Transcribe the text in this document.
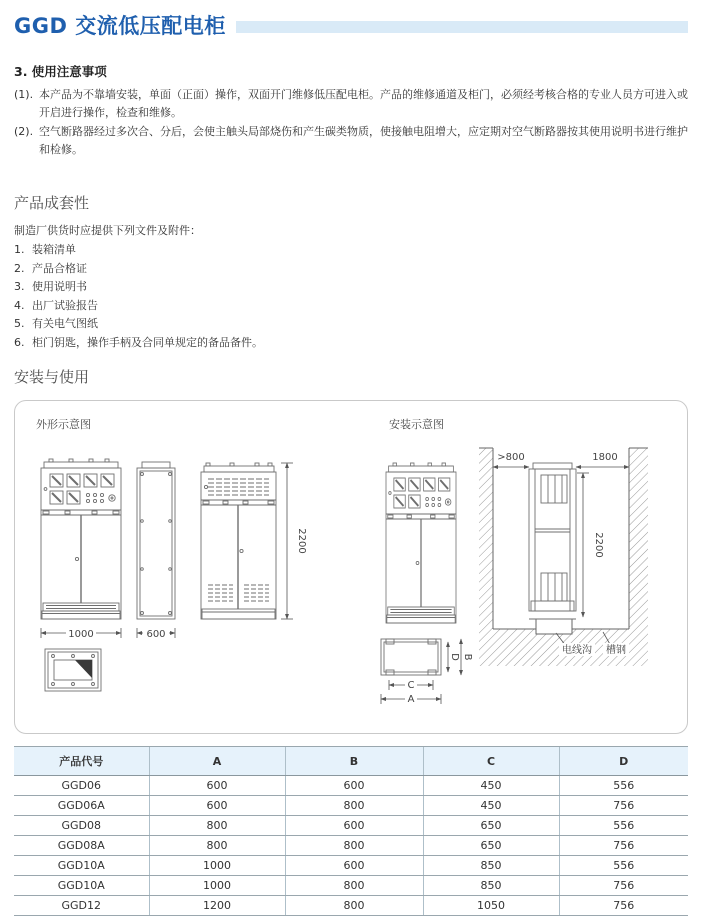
GGD 交流低压配电柜
3. 使用注意事项
(1). 本产品为不靠墙安装，单面（正面）操作，双面开门维修低压配电柜。产品的维修通道及柜门，必须经考核合格的专业人员方可进入或开启进行操作，检查和维修。
(2). 空气断路器经过多次合、分后，会使主触头局部烧伤和产生碳类物质，使接触电阻增大，应定期对空气断路器按其使用说明书进行维护和检修。
产品成套性
制造厂供货时应提供下列文件及附件：
1. 装箱清单
2. 产品合格证
3. 使用说明书
4. 出厂试验报告
5. 有关电气图纸
6. 柜门钥匙，操作手柄及合同单规定的备品备件。
安装与使用
1000	600
2200
C
A
D B
>800	1800
2200
电线沟 槽钢
外形示意图	安装示意图
产品代号	A	B	C	D
GGD06	600	600	450	556
GGD06A	600	800	450	756
GGD08	800	600	650	556
GGD08A	800	800	650	756
GGD10A	1000	600	850	556
GGD10A	1000	800	850	756
GGD12	1200	800	1050	756
